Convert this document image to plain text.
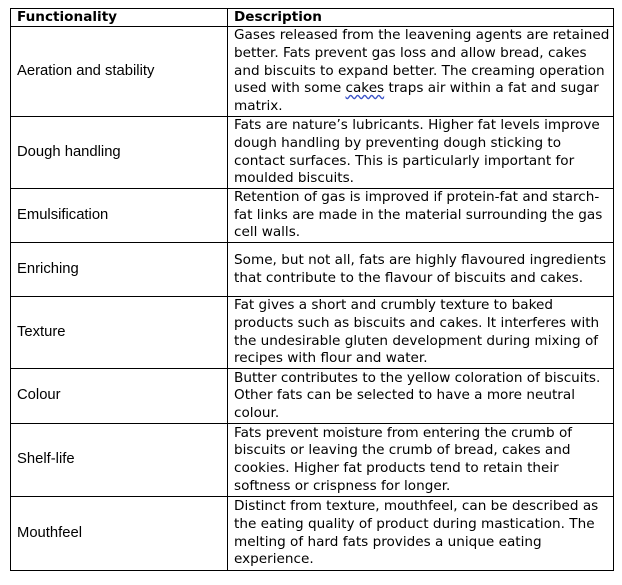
Functionality	Description
Aeration and stability	Gases released from the leavening agents are retained better. Fats prevent gas loss and allow bread, cakes and biscuits to expand better. The creaming operation used with some cakes traps air within a fat and sugar matrix.
Dough handling	Fats are nature’s lubricants. Higher fat levels improve dough handling by preventing dough sticking to contact surfaces. This is particularly important for moulded biscuits.
Emulsification	Retention of gas is improved if protein-fat and starch-fat links are made in the material surrounding the gas cell walls.
Enriching	Some, but not all, fats are highly flavoured ingredients that contribute to the flavour of biscuits and cakes.
Texture	Fat gives a short and crumbly texture to baked products such as biscuits and cakes. It interferes with the undesirable gluten development during mixing of recipes with flour and water.
Colour	Butter contributes to the yellow coloration of biscuits. Other fats can be selected to have a more neutral colour.
Shelf-life	Fats prevent moisture from entering the crumb of biscuits or leaving the crumb of bread, cakes and cookies. Higher fat products tend to retain their softness or crispness for longer.
Mouthfeel	Distinct from texture, mouthfeel, can be described as the eating quality of product during mastication. The melting of hard fats provides a unique eating experience.
